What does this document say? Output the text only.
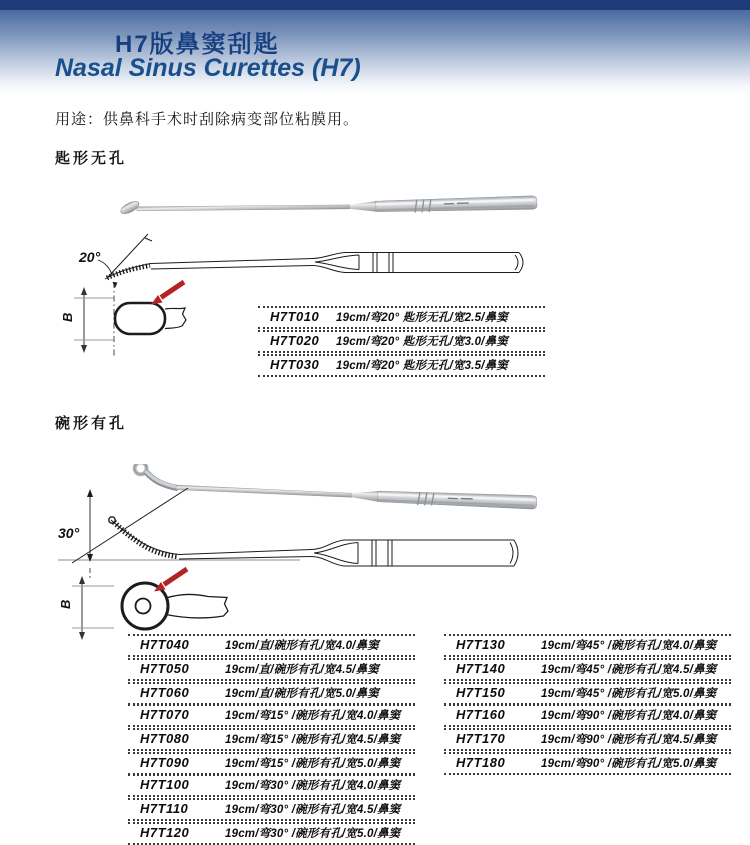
H7版鼻窦刮匙
Nasal Sinus Curettes (H7)
用途：供鼻科手术时刮除病变部位粘膜用。
匙形无孔
B
20°
H7T010 19cm/弯20° 匙形无孔/宽2.5/鼻窦
H7T020 19cm/弯20° 匙形无孔/宽3.0/鼻窦
H7T030 19cm/弯20° 匙形无孔/宽3.5/鼻窦
碗形有孔
B
30°
H7T040	19cm/直/碗形有孔/宽4.0/鼻窦
H7T050	19cm/直/碗形有孔/宽4.5/鼻窦
H7T060	19cm/直/碗形有孔/宽5.0/鼻窦
H7T130	19cm/弯45° /碗形有孔/宽4.0/鼻窦
H7T140	19cm/弯45° /碗形有孔/宽4.5/鼻窦
H7T150	19cm/弯45° /碗形有孔/宽5.0/鼻窦
H7T070	19cm/弯15° /碗形有孔/宽4.0/鼻窦
H7T080	19cm/弯15° /碗形有孔/宽4.5/鼻窦
H7T090	19cm/弯15° /碗形有孔/宽5.0/鼻窦
H7T160	19cm/弯90° /碗形有孔/宽4.0/鼻窦
H7T170	19cm/弯90° /碗形有孔/宽4.5/鼻窦
H7T180	19cm/弯90° /碗形有孔/宽5.0/鼻窦
H7T100	19cm/弯30° /碗形有孔/宽4.0/鼻窦
H7T110	19cm/弯30° /碗形有孔/宽4.5/鼻窦
H7T120	19cm/弯30° /碗形有孔/宽5.0/鼻窦
